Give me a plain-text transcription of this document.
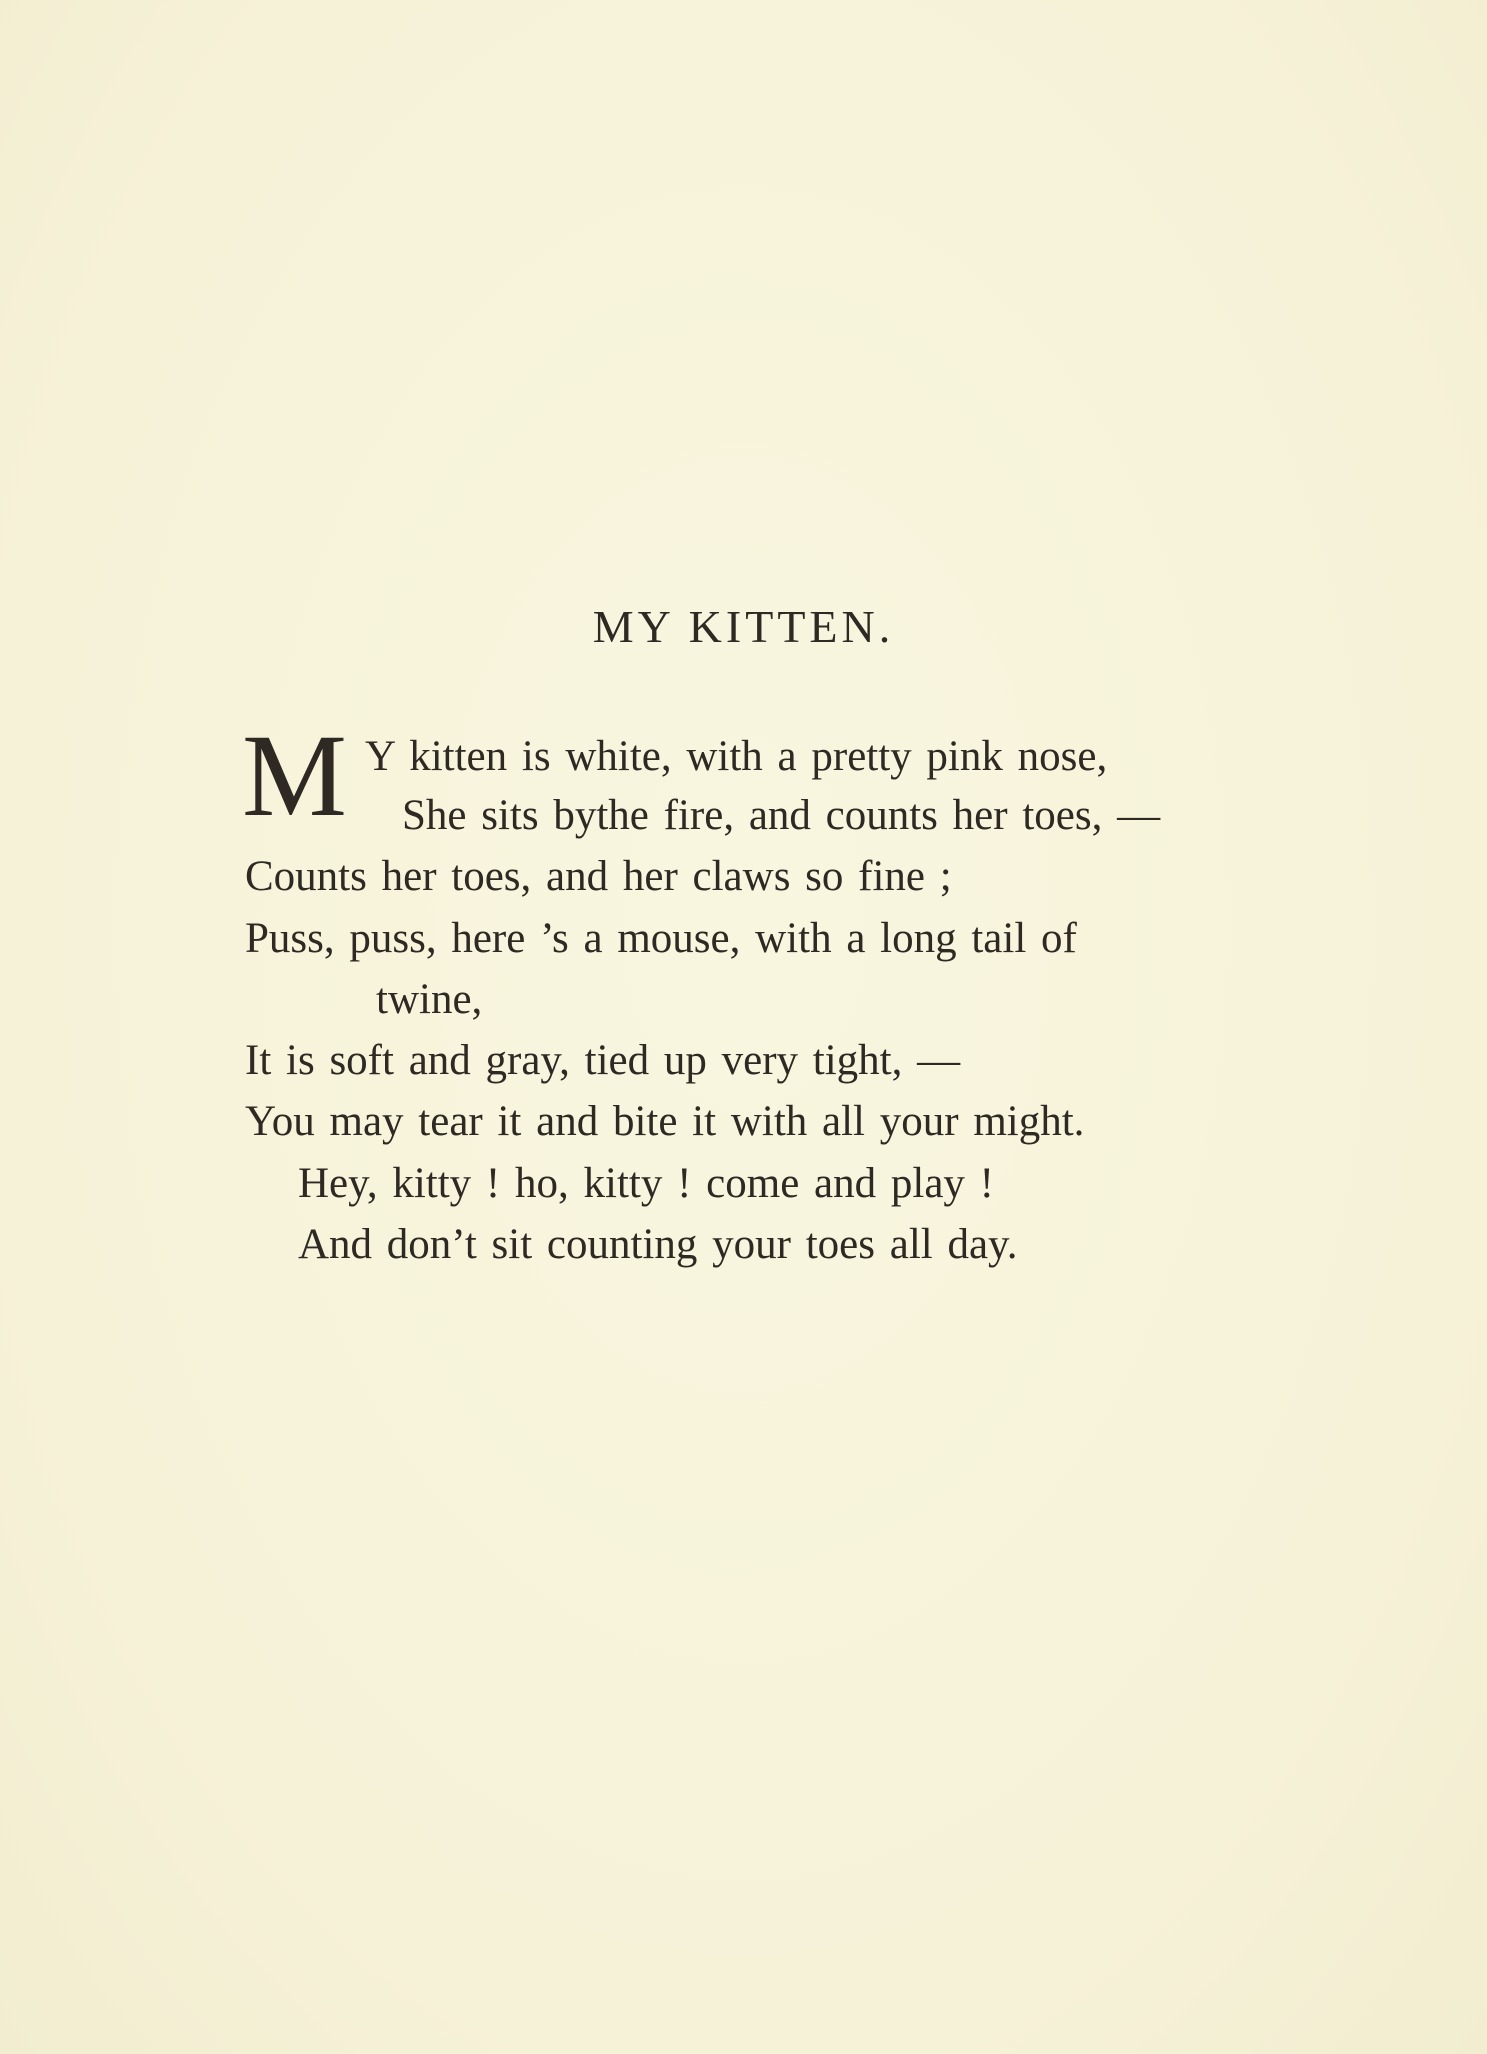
MY KITTEN.
M Y kitten is white, with a pretty pink nose,
She sits bythe fire, and counts her toes, —
Counts her toes, and her claws so fine ;
Puss, puss, here ’s a mouse, with a long tail of
twine,
It is soft and gray, tied up very tight, —
You may tear it and bite it with all your might.
Hey, kitty ! ho, kitty ! come and play !
And don’t sit counting your toes all day.
